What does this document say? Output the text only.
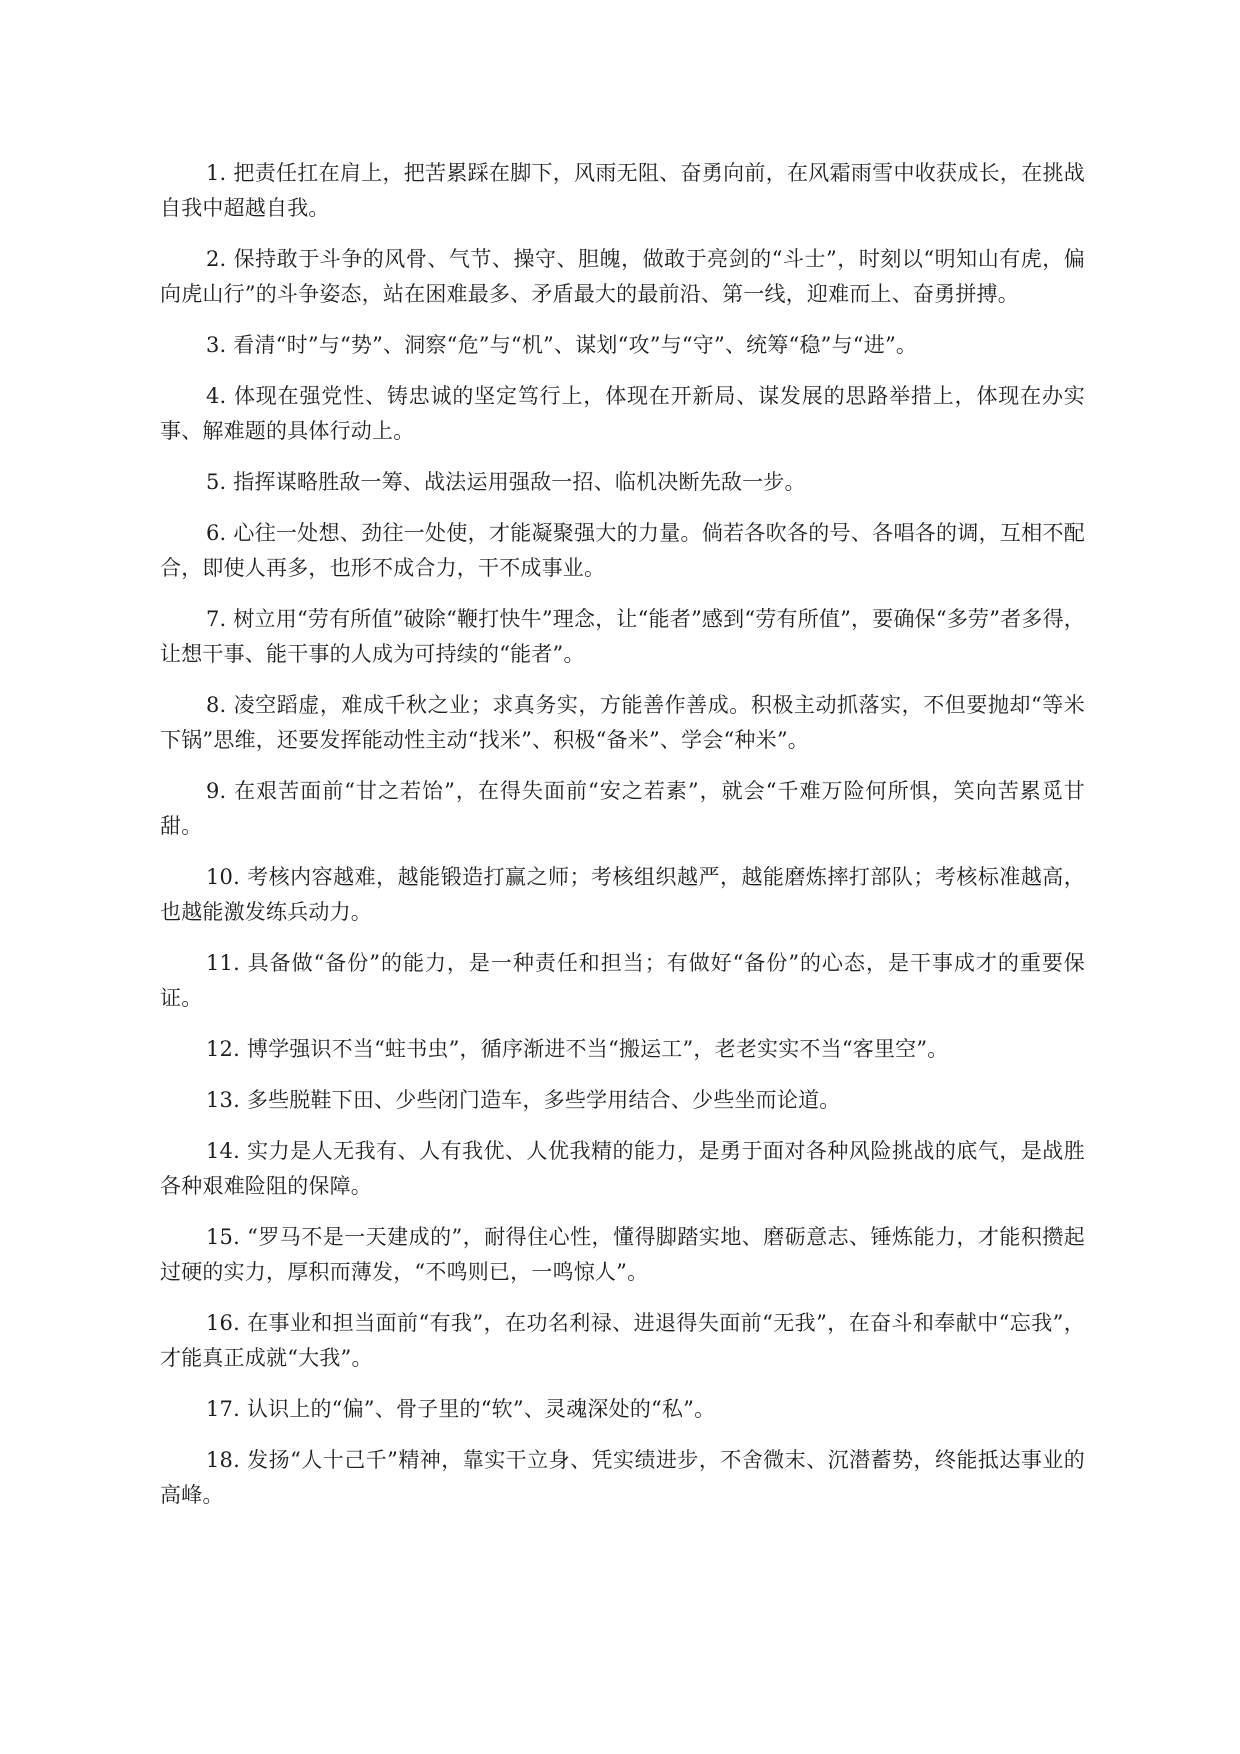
1. 把责任扛在肩上，把苦累踩在脚下，风雨无阻、奋勇向前，在风霜雨雪中收获成长，在挑战自我中超越自我。

2. 保持敢于斗争的风骨、气节、操守、胆魄，做敢于亮剑的“斗士”，时刻以“明知山有虎，偏向虎山行”的斗争姿态，站在困难最多、矛盾最大的最前沿、第一线，迎难而上、奋勇拼搏。

3. 看清“时”与“势”、洞察“危”与“机”、谋划“攻”与“守”、统筹“稳”与“进”。

4. 体现在强党性、铸忠诚的坚定笃行上，体现在开新局、谋发展的思路举措上，体现在办实事、解难题的具体行动上。

5. 指挥谋略胜敌一筹、战法运用强敌一招、临机决断先敌一步。

6. 心往一处想、劲往一处使，才能凝聚强大的力量。倘若各吹各的号、各唱各的调，互相不配合，即使人再多，也形不成合力，干不成事业。

7. 树立用“劳有所值”破除“鞭打快牛”理念，让“能者”感到“劳有所值”，要确保“多劳”者多得，让想干事、能干事的人成为可持续的“能者”。

8. 凌空蹈虚，难成千秋之业；求真务实，方能善作善成。积极主动抓落实，不但要抛却“等米下锅”思维，还要发挥能动性主动“找米”、积极“备米”、学会“种米”。

9. 在艰苦面前“甘之若饴”，在得失面前“安之若素”，就会“千难万险何所惧，笑向苦累觅甘甜。

10. 考核内容越难，越能锻造打赢之师；考核组织越严，越能磨炼摔打部队；考核标准越高，也越能激发练兵动力。

11. 具备做“备份”的能力，是一种责任和担当；有做好“备份”的心态，是干事成才的重要保证。

12. 博学强识不当“蛀书虫”，循序渐进不当“搬运工”，老老实实不当“客里空”。

13. 多些脱鞋下田、少些闭门造车，多些学用结合、少些坐而论道。

14. 实力是人无我有、人有我优、人优我精的能力，是勇于面对各种风险挑战的底气，是战胜各种艰难险阻的保障。

15. “罗马不是一天建成的”，耐得住心性，懂得脚踏实地、磨砺意志、锤炼能力，才能积攒起过硬的实力，厚积而薄发，“不鸣则已，一鸣惊人”。

16. 在事业和担当面前“有我”，在功名利禄、进退得失面前“无我”，在奋斗和奉献中“忘我”，才能真正成就“大我”。

17. 认识上的“偏”、骨子里的“软”、灵魂深处的“私”。

18. 发扬“人十己千”精神，靠实干立身、凭实绩进步，不舍微末、沉潜蓄势，终能抵达事业的高峰。
